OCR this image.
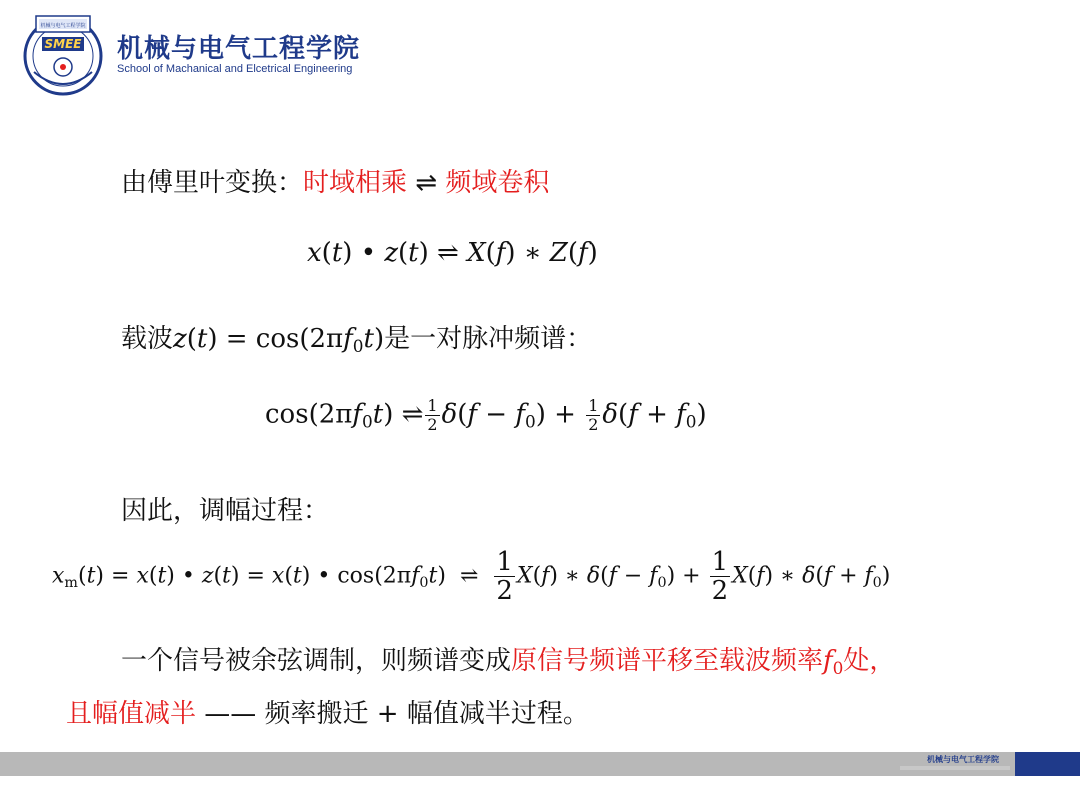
机械与电气工程学院
SMEE 机械与电气工程学院
School of Machanical and Elcetrical Engineering
由傅里叶变换：时域相乘 ⇌ 频域卷积
x(t) • z(t) ⇌ X(f) ∗ Z(f)
载波$z(t) = \cos(2\pi f_0t)$是一对脉冲频谱：
$\cos(2\pi f_0t)$ ⇌ $\frac{1}{2} \delta(f - f_0) + \frac{1}{2} \delta(f + f_0)$
因此，调幅过程：
$x_m(t) = x(t)$ • z(t) = x(t) • $\cos(2\pi f_0t)$  ⇌ $\frac{1}{2} X(f)$ ∗ $\delta(f - f_0) + \frac{1}{2} X(f)$ ∗ $\delta(f + f_0)$
一个信号被余弦调制，则频谱变成原信号频谱平移至载波频率$f_0$处，
且幅值减半 —— 频率搬迁 + 幅值减半过程。
机械与电气工程学院
